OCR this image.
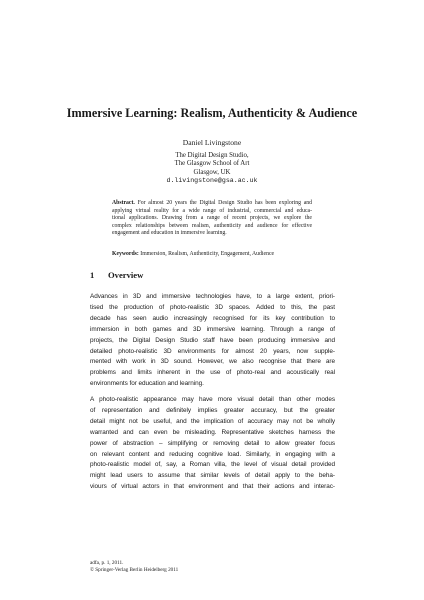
Immersive Learning: Realism, Authenticity & Audience
Daniel Livingstone
The Digital Design Studio,
The Glasgow School of Art
Glasgow, UK
d.livingstone@gsa.ac.uk
Abstract. For almost 20 years the Digital Design Studio has been exploring and
applying virtual reality for a wide range of industrial, commercial and educa-
tional applications. Drawing from a range of recent projects, we explore the
complex relationships between realism, authenticity and audience for effective
engagement and education in immersive learning.
Keywords: Immersion, Realism, Authenticity, Engagement, Audience
1 Overview
Advances in 3D and immersive technologies have, to a large extent, priori-
tised the production of photo-realistic 3D spaces. Added to this, the past
decade has seen audio increasingly recognised for its key contribution to
immersion in both games and 3D immersive learning. Through a range of
projects, the Digital Design Studio staff have been producing immersive and
detailed photo-realistic 3D environments for almost 20 years, now supple-
mented with work in 3D sound. However, we also recognise that there are
problems and limits inherent in the use of photo-real and acoustically real
environments for education and learning.
A photo-realistic appearance may have more visual detail than other modes
of representation and definitely implies greater accuracy, but the greater
detail might not be useful, and the implication of accuracy may not be wholly
warranted and can even be misleading. Representative sketches harness the
power of abstraction – simplifying or removing detail to allow greater focus
on relevant content and reducing cognitive load. Similarly, in engaging with a
photo-realistic model of, say, a Roman villa, the level of visual detail provided
might lead users to assume that similar levels of detail apply to the beha-
viours of virtual actors in that environment and that their actions and interac-
adfa, p. 1, 2011.
© Springer-Verlag Berlin Heidelberg 2011
